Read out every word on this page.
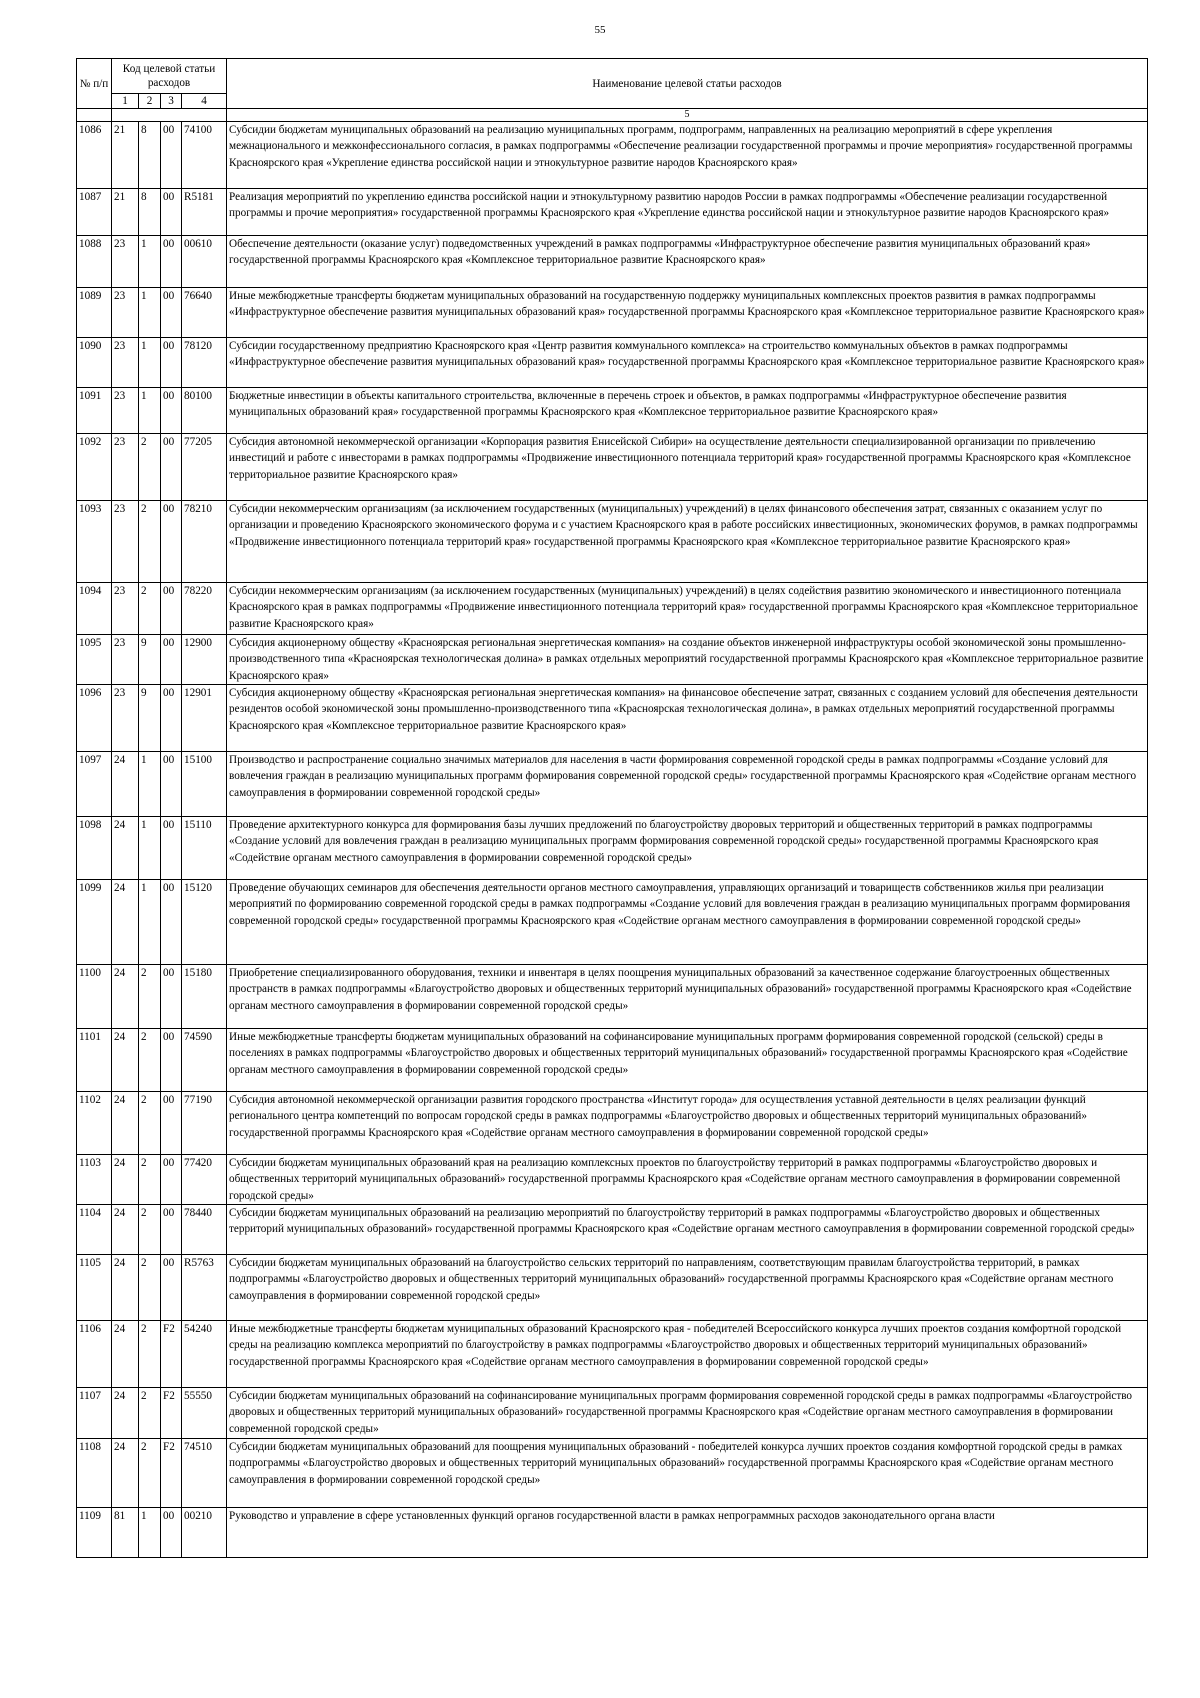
55
№ п/п	Код целевой статьи расходов				Наименование целевой статьи расходов
	1	2	3	4	
					5
1086	21	8	00	74100	Субсидии бюджетам муниципальных образований на реализацию муниципальных программ, подпрограмм, направленных на реализацию мероприятий в сфере укрепления межнационального и межконфессионального согласия, в рамках подпрограммы «Обеспечение реализации государственной программы и прочие мероприятия» государственной программы Красноярского края «Укрепление единства российской нации и этнокультурное развитие народов Красноярского края»
1087	21	8	00	R5181	Реализация мероприятий по укреплению единства российской нации и этнокультурному развитию народов России в рамках подпрограммы «Обеспечение реализации государственной программы и прочие мероприятия» государственной программы Красноярского края «Укрепление единства российской нации и этнокультурное развитие народов Красноярского края»
1088	23	1	00	00610	Обеспечение деятельности (оказание услуг) подведомственных учреждений в рамках подпрограммы «Инфраструктурное обеспечение развития муниципальных образований края» государственной программы Красноярского края «Комплексное территориальное развитие Красноярского края»
1089	23	1	00	76640	Иные межбюджетные трансферты бюджетам муниципальных образований на государственную поддержку муниципальных комплексных проектов развития в рамках подпрограммы «Инфраструктурное обеспечение развития муниципальных образований края» государственной программы Красноярского края «Комплексное территориальное развитие Красноярского края»
1090	23	1	00	78120	Субсидии государственному предприятию Красноярского края «Центр развития коммунального комплекса» на строительство коммунальных объектов в рамках подпрограммы «Инфраструктурное обеспечение развития муниципальных образований края» государственной программы Красноярского края «Комплексное территориальное развитие Красноярского края»
1091	23	1	00	80100	Бюджетные инвестиции в объекты капитального строительства, включенные в перечень строек и объектов, в рамках подпрограммы «Инфраструктурное обеспечение развития муниципальных образований края» государственной программы Красноярского края «Комплексное территориальное развитие Красноярского края»
1092	23	2	00	77205	Субсидия автономной некоммерческой организации «Корпорация развития Енисейской Сибири» на осуществление деятельности специализированной организации по привлечению инвестиций и работе с инвесторами в рамках подпрограммы «Продвижение инвестиционного потенциала территорий края» государственной программы Красноярского края «Комплексное территориальное развитие Красноярского края»
1093	23	2	00	78210	Субсидии некоммерческим организациям (за исключением государственных (муниципальных) учреждений) в целях финансового обеспечения затрат, связанных с оказанием услуг по организации и проведению Красноярского экономического форума и с участием Красноярского края в работе российских инвестиционных, экономических форумов, в рамках подпрограммы «Продвижение инвестиционного потенциала территорий края» государственной программы Красноярского края «Комплексное территориальное развитие Красноярского края»
1094	23	2	00	78220	Субсидии некоммерческим организациям (за исключением государственных (муниципальных) учреждений) в целях содействия развитию экономического и инвестиционного потенциала Красноярского края в рамках подпрограммы «Продвижение инвестиционного потенциала территорий края» государственной программы Красноярского края «Комплексное территориальное развитие Красноярского края»
1095	23	9	00	12900	Субсидия акционерному обществу «Красноярская региональная энергетическая компания» на создание объектов инженерной инфраструктуры особой экономической зоны промышленно-производственного типа «Красноярская технологическая долина» в рамках отдельных мероприятий государственной программы Красноярского края «Комплексное территориальное развитие Красноярского края»
1096	23	9	00	12901	Субсидия акционерному обществу «Красноярская региональная энергетическая компания» на финансовое обеспечение затрат, связанных с созданием условий для обеспечения деятельности резидентов особой экономической зоны промышленно-производственного типа «Красноярская технологическая долина», в рамках отдельных мероприятий государственной программы Красноярского края «Комплексное территориальное развитие Красноярского края»
1097	24	1	00	15100	Производство и распространение социально значимых материалов для населения в части формирования современной городской среды в рамках подпрограммы «Создание условий для вовлечения граждан в реализацию муниципальных программ формирования современной городской среды» государственной программы Красноярского края «Содействие органам местного самоуправления в формировании современной городской среды»
1098	24	1	00	15110	Проведение архитектурного конкурса для формирования базы лучших предложений по благоустройству дворовых территорий и общественных территорий в рамках подпрограммы «Создание условий для вовлечения граждан в реализацию муниципальных программ формирования современной городской среды» государственной программы Красноярского края «Содействие органам местного самоуправления в формировании современной городской среды»
1099	24	1	00	15120	Проведение обучающих семинаров для обеспечения деятельности органов местного самоуправления, управляющих организаций и товариществ собственников жилья при реализации мероприятий по формированию современной городской среды в рамках подпрограммы «Создание условий для вовлечения граждан в реализацию муниципальных программ формирования современной городской среды» государственной программы Красноярского края «Содействие органам местного самоуправления в формировании современной городской среды»
1100	24	2	00	15180	Приобретение специализированного оборудования, техники и инвентаря в целях поощрения муниципальных образований за качественное содержание благоустроенных общественных пространств в рамках подпрограммы «Благоустройство дворовых и общественных территорий муниципальных образований» государственной программы Красноярского края «Содействие органам местного самоуправления в формировании современной городской среды»
1101	24	2	00	74590	Иные межбюджетные трансферты бюджетам муниципальных образований на софинансирование муниципальных программ формирования современной городской (сельской) среды в поселениях в рамках подпрограммы «Благоустройство дворовых и общественных территорий муниципальных образований» государственной программы Красноярского края «Содействие органам местного самоуправления в формировании современной городской среды»
1102	24	2	00	77190	Субсидия автономной некоммерческой организации развития городского пространства «Институт города» для осуществления уставной деятельности в целях реализации функций регионального центра компетенций по вопросам городской среды в рамках подпрограммы «Благоустройство дворовых и общественных территорий муниципальных образований» государственной программы Красноярского края «Содействие органам местного самоуправления в формировании современной городской среды»
1103	24	2	00	77420	Субсидии бюджетам муниципальных образований края на реализацию комплексных проектов по благоустройству территорий в рамках подпрограммы «Благоустройство дворовых и общественных территорий муниципальных образований» государственной программы Красноярского края «Содействие органам местного самоуправления в формировании современной городской среды»
1104	24	2	00	78440	Субсидии бюджетам муниципальных образований на реализацию мероприятий по благоустройству территорий в рамках подпрограммы «Благоустройство дворовых и общественных территорий муниципальных образований» государственной программы Красноярского края «Содействие органам местного самоуправления в формировании современной городской среды»
1105	24	2	00	R5763	Субсидии бюджетам муниципальных образований на благоустройство сельских территорий по направлениям, соответствующим правилам благоустройства территорий, в рамках подпрограммы «Благоустройство дворовых и общественных территорий муниципальных образований» государственной программы Красноярского края «Содействие органам местного самоуправления в формировании современной городской среды»
1106	24	2	F2	54240	Иные межбюджетные трансферты бюджетам муниципальных образований Красноярского края - победителей Всероссийского конкурса лучших проектов создания комфортной городской среды на реализацию комплекса мероприятий по благоустройству в рамках подпрограммы «Благоустройство дворовых и общественных территорий муниципальных образований» государственной программы Красноярского края «Содействие органам местного самоуправления в формировании современной городской среды»
1107	24	2	F2	55550	Субсидии бюджетам муниципальных образований на софинансирование муниципальных программ формирования современной городской среды в рамках подпрограммы «Благоустройство дворовых и общественных территорий муниципальных образований» государственной программы Красноярского края «Содействие органам местного самоуправления в формировании современной городской среды»
1108	24	2	F2	74510	Субсидии бюджетам муниципальных образований для поощрения муниципальных образований - победителей конкурса лучших проектов создания комфортной городской среды в рамках подпрограммы «Благоустройство дворовых и общественных территорий муниципальных образований» государственной программы Красноярского края «Содействие органам местного самоуправления в формировании современной городской среды»
1109	81	1	00	00210	Руководство и управление в сфере установленных функций органов государственной власти в рамках непрограммных расходов законодательного органа власти
